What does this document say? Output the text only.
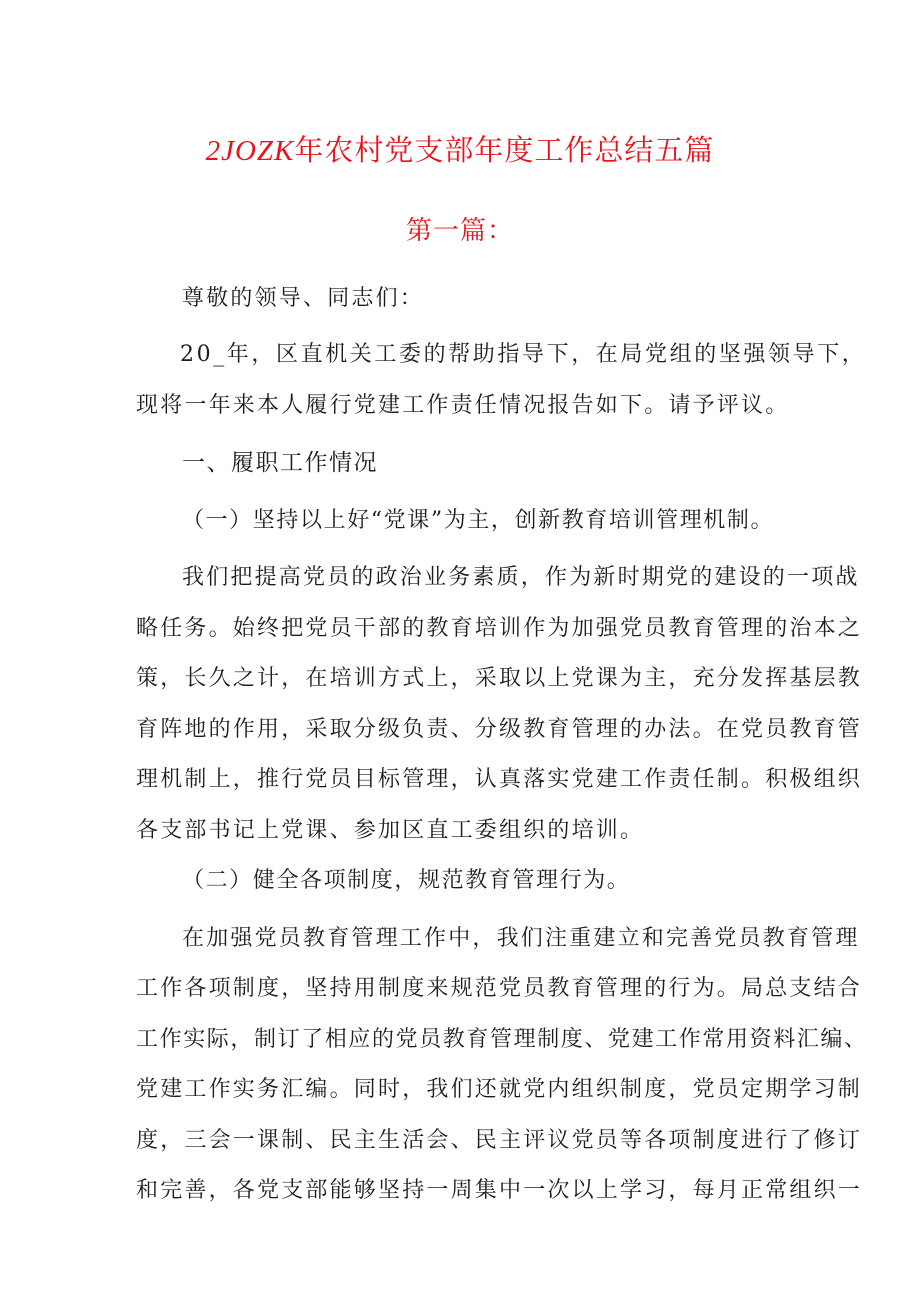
2JOZK年农村党支部年度工作总结五篇
第一篇：
尊敬的领导、同志们：
20_年，区直机关工委的帮助指导下，在局党组的坚强领导下，
现将一年来本人履行党建工作责任情况报告如下。请予评议。
一、履职工作情况
（一）坚持以上好“党课”为主，创新教育培训管理机制。
我们把提高党员的政治业务素质，作为新时期党的建设的一项战
略任务。始终把党员干部的教育培训作为加强党员教育管理的治本之
策，长久之计，在培训方式上，采取以上党课为主，充分发挥基层教
育阵地的作用，采取分级负责、分级教育管理的办法。在党员教育管
理机制上，推行党员目标管理，认真落实党建工作责任制。积极组织
各支部书记上党课、参加区直工委组织的培训。
（二）健全各项制度，规范教育管理行为。
在加强党员教育管理工作中，我们注重建立和完善党员教育管理
工作各项制度，坚持用制度来规范党员教育管理的行为。局总支结合
工作实际，制订了相应的党员教育管理制度、党建工作常用资料汇编、
党建工作实务汇编。同时，我们还就党内组织制度，党员定期学习制
度，三会一课制、民主生活会、民主评议党员等各项制度进行了修订
和完善，各党支部能够坚持一周集中一次以上学习，每月正常组织一
